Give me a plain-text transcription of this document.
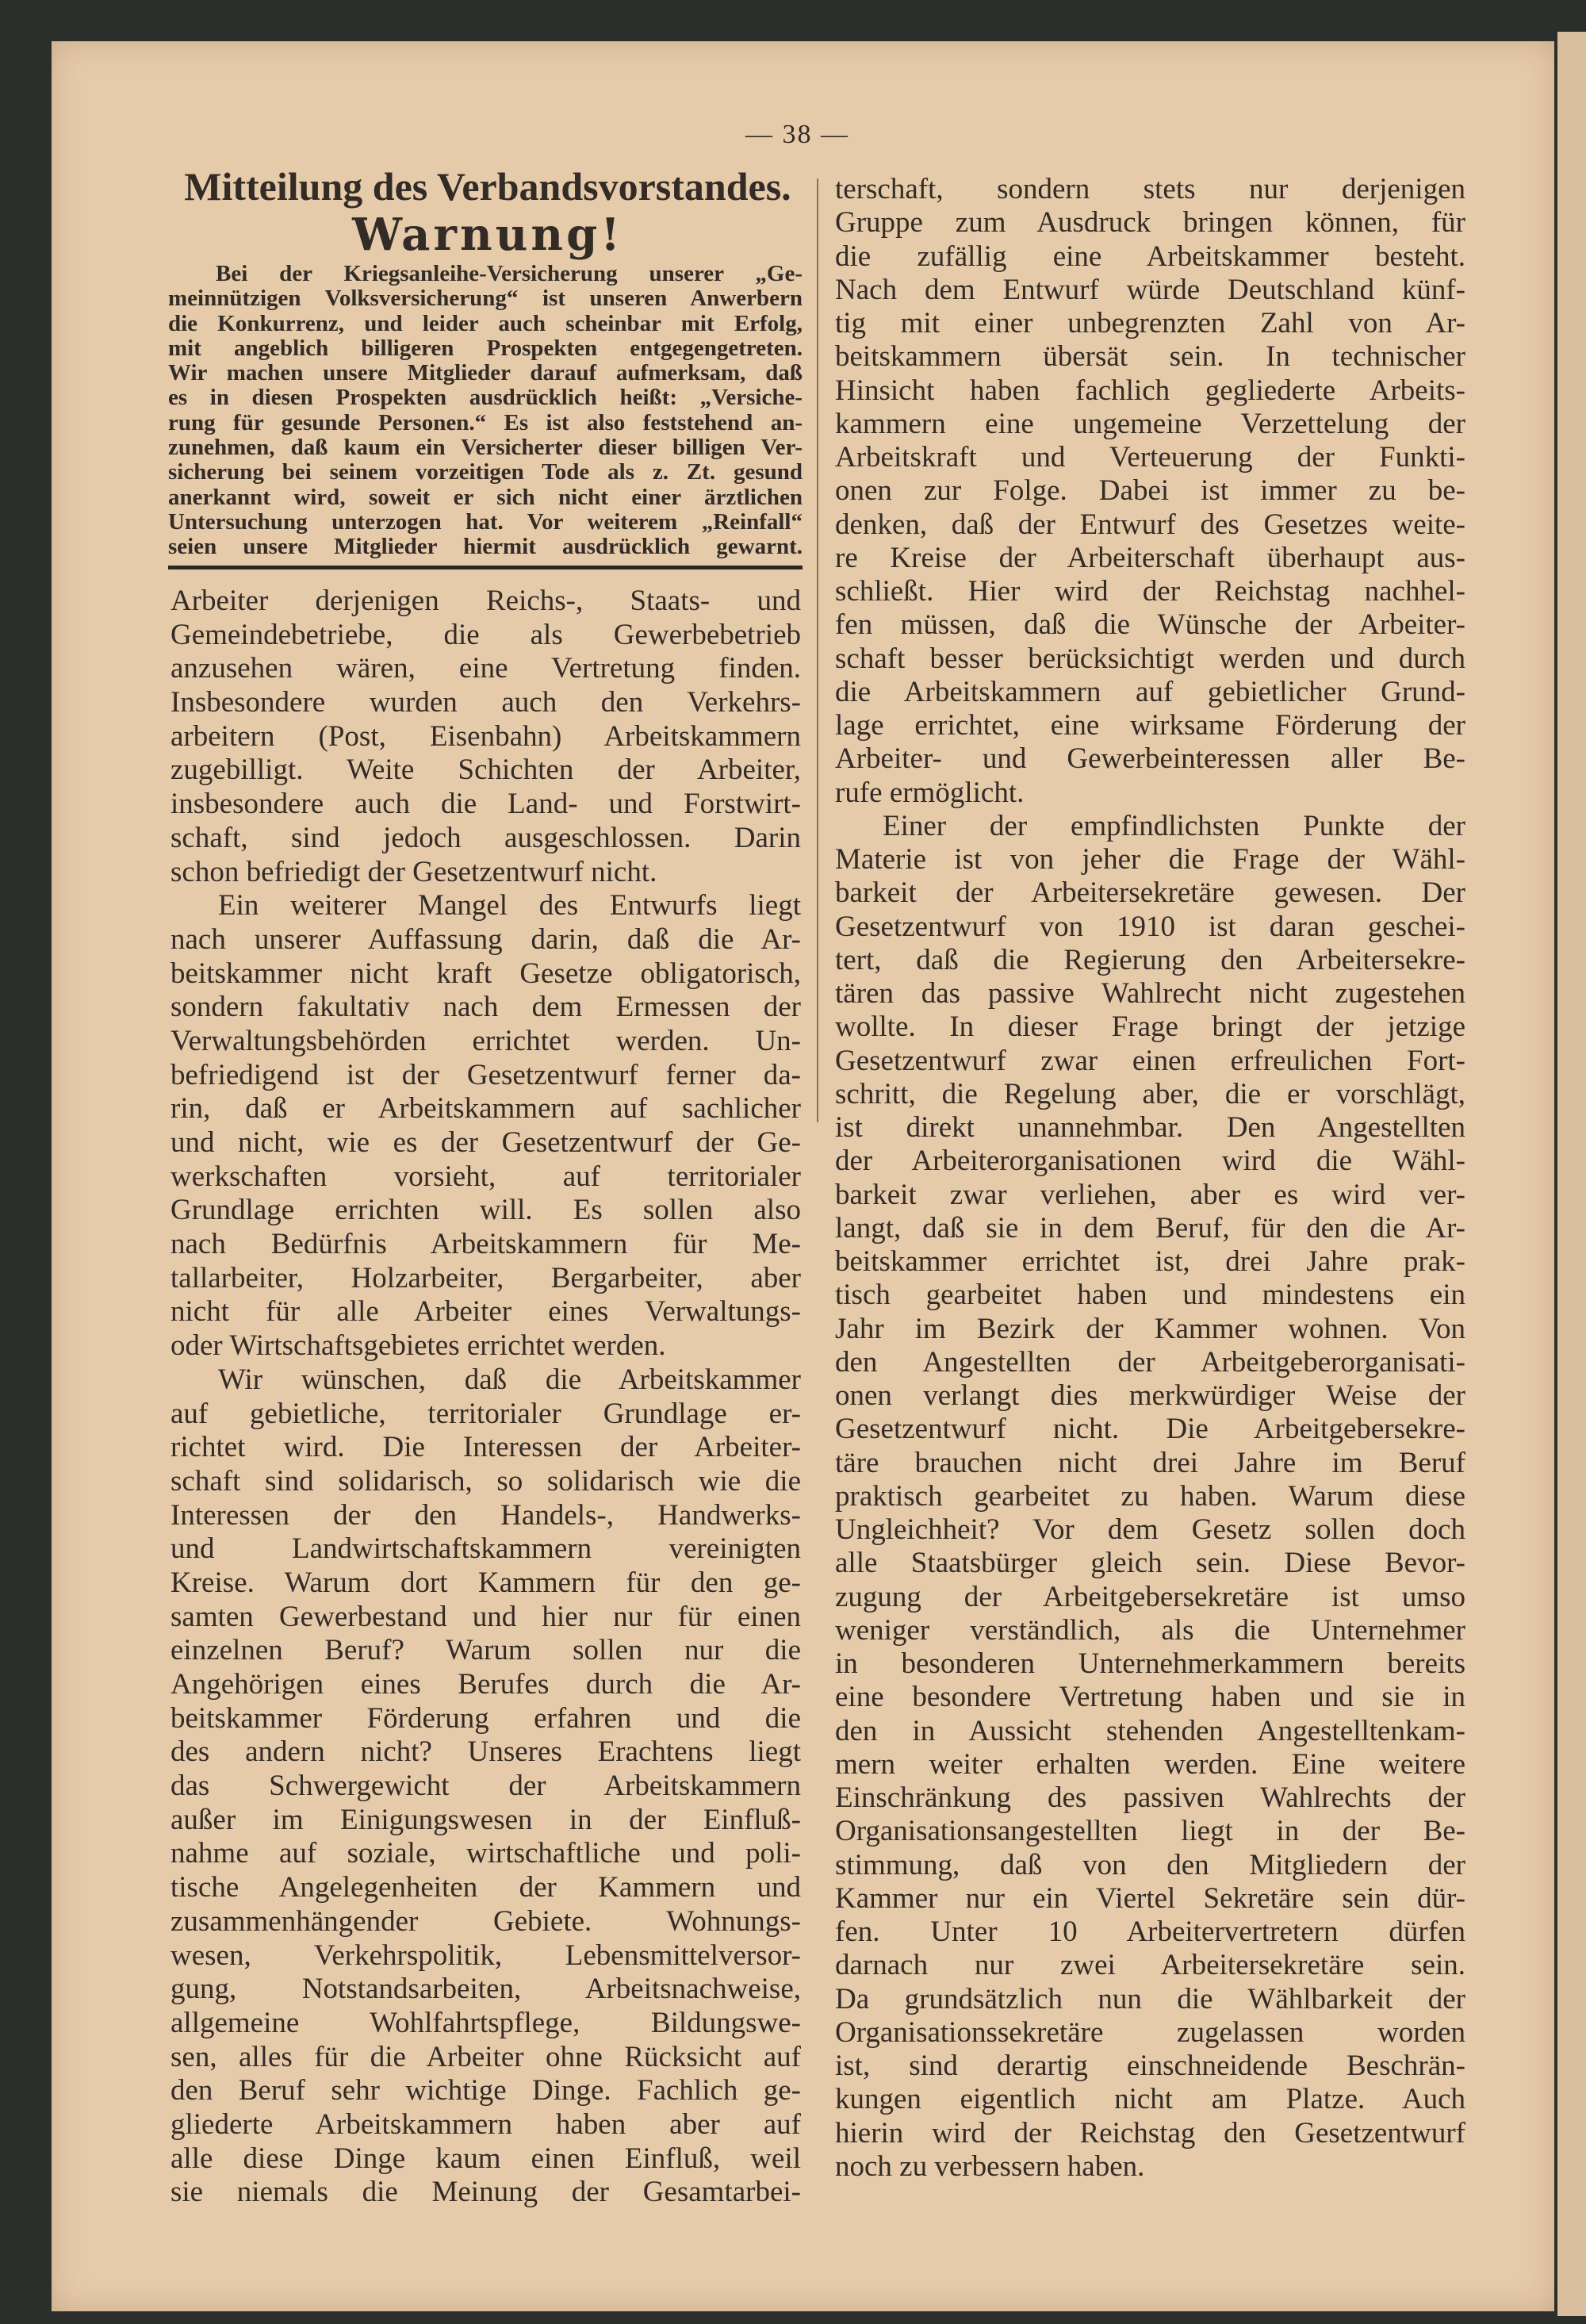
— 38 —
Mitteilung des Verbandsvorstandes.
Warnung!
Bei der Kriegsanleihe-Versicherung unserer „Ge-
meinnützigen Volksversicherung“ ist unseren Anwerbern
die Konkurrenz, und leider auch scheinbar mit Erfolg,
mit angeblich billigeren Prospekten entgegengetreten.
Wir machen unsere Mitglieder darauf aufmerksam, daß
es in diesen Prospekten ausdrücklich heißt: „Versiche-
rung für gesunde Personen.“ Es ist also feststehend an-
zunehmen, daß kaum ein Versicherter dieser billigen Ver-
sicherung bei seinem vorzeitigen Tode als z. Zt. gesund
anerkannt wird, soweit er sich nicht einer ärztlichen
Untersuchung unterzogen hat. Vor weiterem „Reinfall“
seien unsere Mitglieder hiermit ausdrücklich gewarnt.
Arbeiter derjenigen Reichs-, Staats- und
Gemeindebetriebe, die als Gewerbebetrieb
anzusehen wären, eine Vertretung finden.
Insbesondere wurden auch den Verkehrs-
arbeitern (Post, Eisenbahn) Arbeitskammern
zugebilligt. Weite Schichten der Arbeiter,
insbesondere auch die Land- und Forstwirt-
schaft, sind jedoch ausgeschlossen. Darin
schon befriedigt der Gesetzentwurf nicht.
Ein weiterer Mangel des Entwurfs liegt
nach unserer Auffassung darin, daß die Ar-
beitskammer nicht kraft Gesetze obligatorisch,
sondern fakultativ nach dem Ermessen der
Verwaltungsbehörden errichtet werden. Un-
befriedigend ist der Gesetzentwurf ferner da-
rin, daß er Arbeitskammern auf sachlicher
und nicht, wie es der Gesetzentwurf der Ge-
werkschaften vorsieht, auf territorialer
Grundlage errichten will. Es sollen also
nach Bedürfnis Arbeitskammern für Me-
tallarbeiter, Holzarbeiter, Bergarbeiter, aber
nicht für alle Arbeiter eines Verwaltungs-
oder Wirtschaftsgebietes errichtet werden.
Wir wünschen, daß die Arbeitskammer
auf gebietliche, territorialer Grundlage er-
richtet wird. Die Interessen der Arbeiter-
schaft sind solidarisch, so solidarisch wie die
Interessen der den Handels-, Handwerks-
und Landwirtschaftskammern vereinigten
Kreise. Warum dort Kammern für den ge-
samten Gewerbestand und hier nur für einen
einzelnen Beruf? Warum sollen nur die
Angehörigen eines Berufes durch die Ar-
beitskammer Förderung erfahren und die
des andern nicht? Unseres Erachtens liegt
das Schwergewicht der Arbeitskammern
außer im Einigungswesen in der Einfluß-
nahme auf soziale, wirtschaftliche und poli-
tische Angelegenheiten der Kammern und
zusammenhängender Gebiete. Wohnungs-
wesen, Verkehrspolitik, Lebensmittelversor-
gung, Notstandsarbeiten, Arbeitsnachweise,
allgemeine Wohlfahrtspflege, Bildungswe-
sen, alles für die Arbeiter ohne Rücksicht auf
den Beruf sehr wichtige Dinge. Fachlich ge-
gliederte Arbeitskammern haben aber auf
alle diese Dinge kaum einen Einfluß, weil
sie niemals die Meinung der Gesamtarbei-
terschaft, sondern stets nur derjenigen
Gruppe zum Ausdruck bringen können, für
die zufällig eine Arbeitskammer besteht.
Nach dem Entwurf würde Deutschland künf-
tig mit einer unbegrenzten Zahl von Ar-
beitskammern übersät sein. In technischer
Hinsicht haben fachlich gegliederte Arbeits-
kammern eine ungemeine Verzettelung der
Arbeitskraft und Verteuerung der Funkti-
onen zur Folge. Dabei ist immer zu be-
denken, daß der Entwurf des Gesetzes weite-
re Kreise der Arbeiterschaft überhaupt aus-
schließt. Hier wird der Reichstag nachhel-
fen müssen, daß die Wünsche der Arbeiter-
schaft besser berücksichtigt werden und durch
die Arbeitskammern auf gebietlicher Grund-
lage errichtet, eine wirksame Förderung der
Arbeiter- und Gewerbeinteressen aller Be-
rufe ermöglicht.
Einer der empfindlichsten Punkte der
Materie ist von jeher die Frage der Wähl-
barkeit der Arbeitersekretäre gewesen. Der
Gesetzentwurf von 1910 ist daran geschei-
tert, daß die Regierung den Arbeitersekre-
tären das passive Wahlrecht nicht zugestehen
wollte. In dieser Frage bringt der jetzige
Gesetzentwurf zwar einen erfreulichen Fort-
schritt, die Regelung aber, die er vorschlägt,
ist direkt unannehmbar. Den Angestellten
der Arbeiterorganisationen wird die Wähl-
barkeit zwar verliehen, aber es wird ver-
langt, daß sie in dem Beruf, für den die Ar-
beitskammer errichtet ist, drei Jahre prak-
tisch gearbeitet haben und mindestens ein
Jahr im Bezirk der Kammer wohnen. Von
den Angestellten der Arbeitgeberorganisati-
onen verlangt dies merkwürdiger Weise der
Gesetzentwurf nicht. Die Arbeitgebersekre-
täre brauchen nicht drei Jahre im Beruf
praktisch gearbeitet zu haben. Warum diese
Ungleichheit? Vor dem Gesetz sollen doch
alle Staatsbürger gleich sein. Diese Bevor-
zugung der Arbeitgebersekretäre ist umso
weniger verständlich, als die Unternehmer
in besonderen Unternehmerkammern bereits
eine besondere Vertretung haben und sie in
den in Aussicht stehenden Angestelltenkam-
mern weiter erhalten werden. Eine weitere
Einschränkung des passiven Wahlrechts der
Organisationsangestellten liegt in der Be-
stimmung, daß von den Mitgliedern der
Kammer nur ein Viertel Sekretäre sein dür-
fen. Unter 10 Arbeitervertretern dürfen
darnach nur zwei Arbeitersekretäre sein.
Da grundsätzlich nun die Wählbarkeit der
Organisationssekretäre zugelassen worden
ist, sind derartig einschneidende Beschrän-
kungen eigentlich nicht am Platze. Auch
hierin wird der Reichstag den Gesetzentwurf
noch zu verbessern haben.
